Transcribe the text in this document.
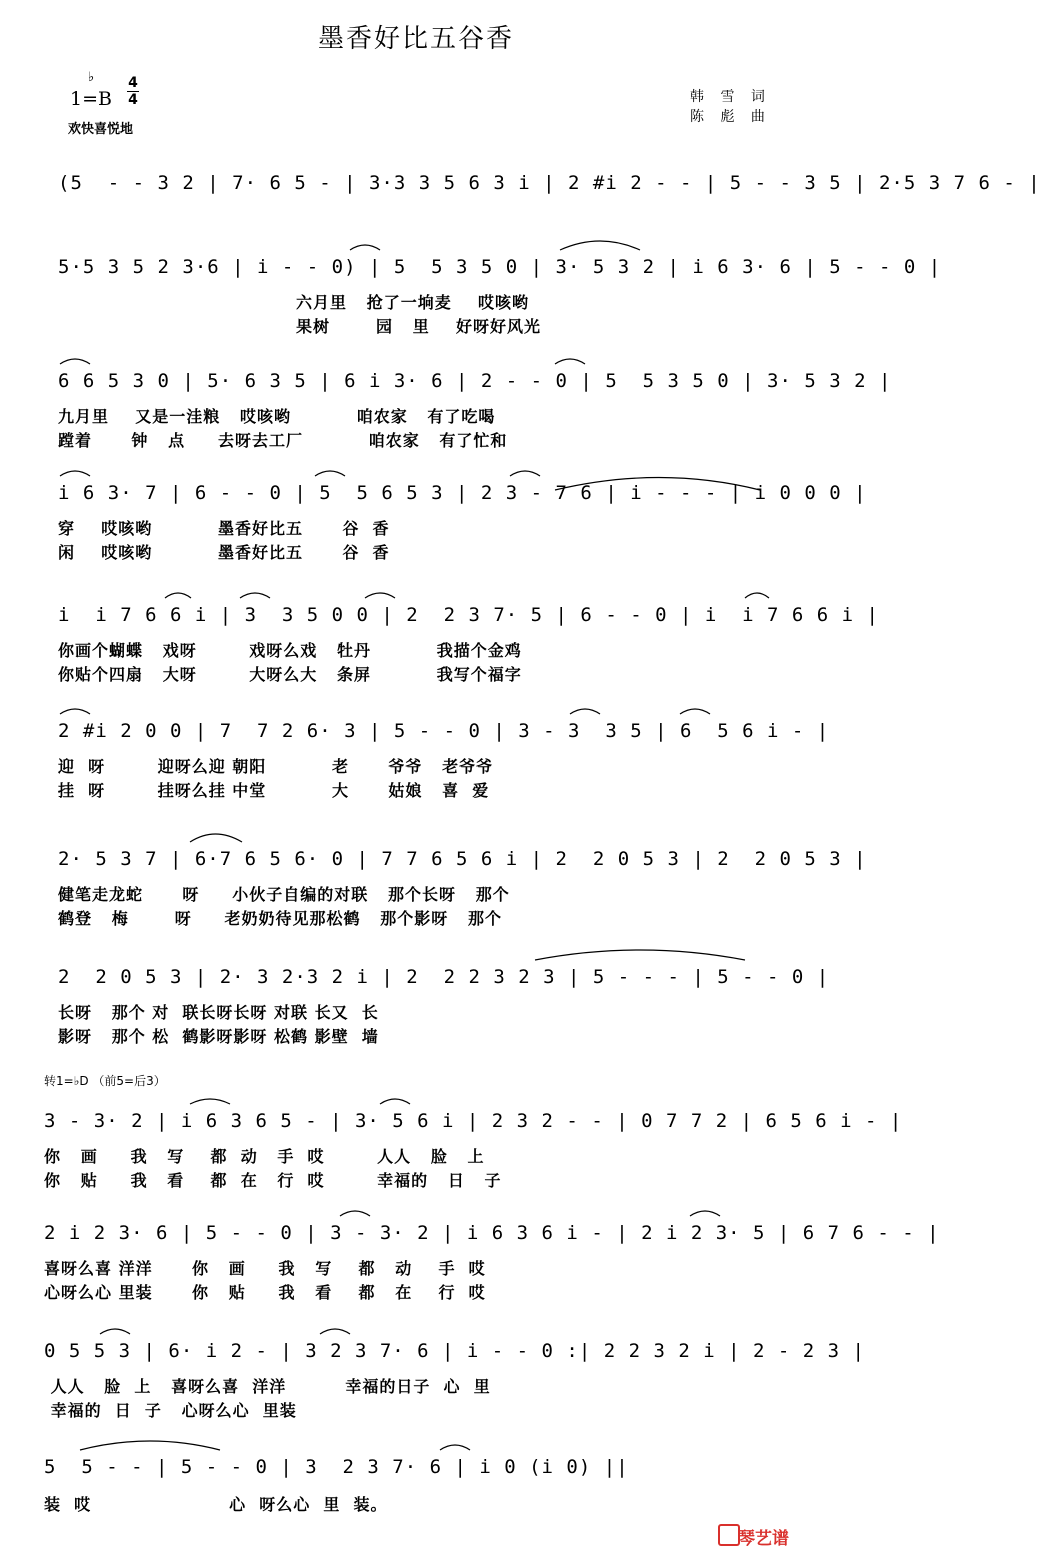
墨香好比五谷香
1=B
♭ 4
4
欢快喜悦地
韩 雪 词
陈 彪 曲
(5  - - 3 2 | 7· 6 5 - | 3·3 3 5 6 3 i | 2 #i 2 - - | 5 - - 3 5 | 2·5 3 7 6 - |
5·5 3 5 2 3·6 | i - - 0) | 5  5 3 5 0 | 3· 5 3 2 | i 6 3· 6 | 5 - - 0 |
六月里   抢了一垧麦    哎咳哟
果树       园   里    好呀好风光
6 6 5 3 0 | 5· 6 3 5 | 6 i 3· 6 | 2 - - 0 | 5  5 3 5 0 | 3· 5 3 2 |
九月里    又是一洼粮   哎咳哟          咱农家   有了吃喝
蹚着      钟   点     去呀去工厂          咱农家   有了忙和
i 6 3· 7 | 6 - - 0 | 5  5 6 5 3 | 2 3 - 7 6 | i - - - | i 0 0 0 |
穿    哎咳哟          墨香好比五      谷  香
闲    哎咳哟          墨香好比五      谷  香
i  i 7 6 6 i | 3  3 5 0 0 | 2  2 3 7· 5 | 6 - - 0 | i  i 7 6 6 i |
你画个蝴蝶   戏呀        戏呀么戏   牡丹          我描个金鸡
你贴个四扇   大呀        大呀么大   条屏          我写个福字
2 #i 2 0 0 | 7  7 2 6· 3 | 5 - - 0 | 3 - 3  3 5 | 6  5 6 i - |
迎  呀        迎呀么迎 朝阳          老      爷爷   老爷爷
挂  呀        挂呀么挂 中堂          大      姑娘   喜  爱
2· 5 3 7 | 6·7 6 5 6· 0 | 7 7 6 5 6 i | 2  2 0 5 3 | 2  2 0 5 3 |
健笔走龙蛇      呀     小伙子自编的对联   那个长呀   那个
鹤登   梅       呀     老奶奶待见那松鹤   那个影呀   那个
2  2 0 5 3 | 2· 3 2·3 2 i | 2  2 2 3 2 3 | 5 - - - | 5 - - 0 |
长呀   那个 对  联长呀长呀 对联 长又  长
影呀   那个 松  鹤影呀影呀 松鹤 影壁  墙
转1=♭D （前5=后3）
3 - 3· 2 | i 6 3 6 5 - | 3· 5 6 i | 2 3 2 - - | 0 7 7 2 | 6 5 6 i - |
你   画     我   写    都  动   手  哎        人人   脸   上
你   贴     我   看    都  在   行  哎        幸福的   日   子
2 i 2 3· 6 | 5 - - 0 | 3 - 3· 2 | i 6 3 6 i - | 2 i 2 3· 5 | 6 7 6 - - |
喜呀么喜 洋洋      你   画     我   写    都   动    手  哎
心呀么心 里装      你   贴     我   看    都   在    行  哎
0 5 5 3 | 6· i 2 - | 3 2 3 7· 6 | i - - 0 :| 2 2 3 2 i | 2 - 2 3 |
人人   脸  上   喜呀么喜  洋洋         幸福的日子  心  里
幸福的  日  子   心呀么心  里装
5  5 - - | 5 - - 0 | 3  2 3 7· 6 | i 0 (i 0) ||
装  哎                     心  呀么心  里  装。
琴艺谱
